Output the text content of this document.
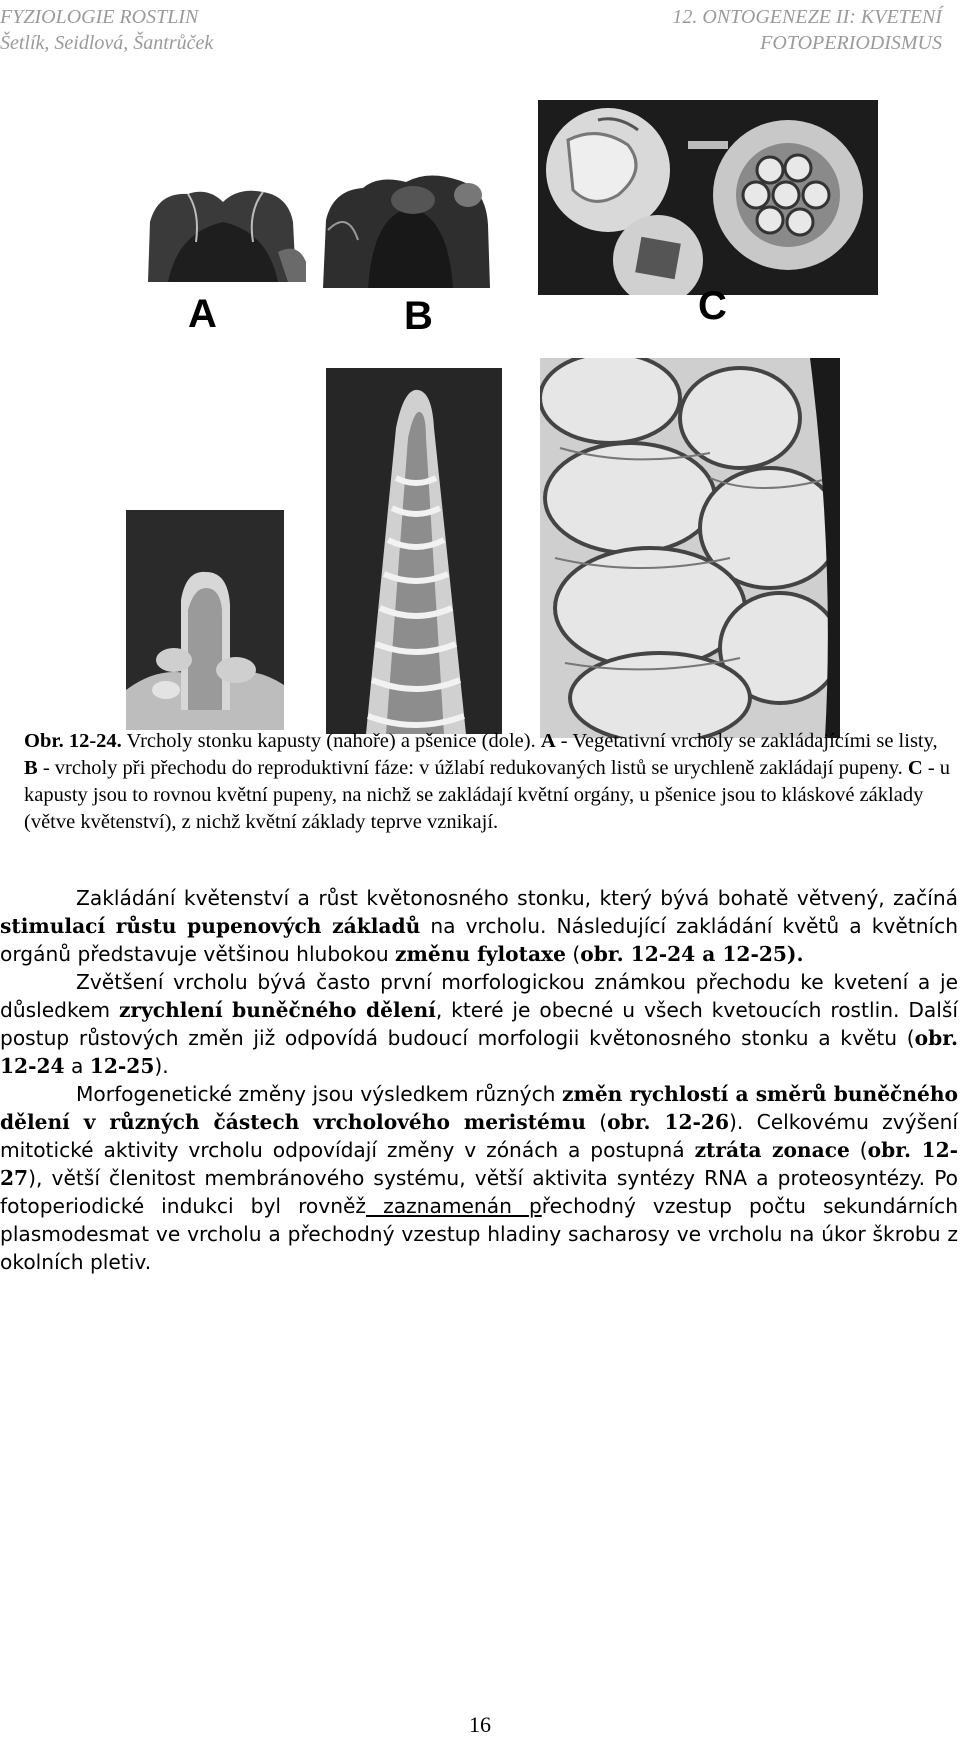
FYZIOLOGIE ROSTLIN
Šetlík, Seidlová, Šantrůček
12. ONTOGENEZE II: KVETENÍ
FOTOPERIODISMUS
A	B	C
Obr. 12-24. Vrcholy stonku kapusty (nahoře) a pšenice (dole). A - Vegetativní vrcholy se zakládajícími se listy, B - vrcholy při přechodu do reproduktivní fáze: v úžlabí redukovaných listů se urychleně zakládají pupeny. C - u kapusty jsou to rovnou květní pupeny, na nichž se zakládají květní orgány, u pšenice jsou to kláskové základy (větve květenství), z nichž květní základy teprve vznikají.

Zakládání květenství a růst květonosného stonku, který bývá bohatě větvený, začíná stimulací růstu pupenových základů na vrcholu. Následující zakládání květů a květních orgánů představuje většinou hlubokou změnu fylotaxe (obr. 12-24 a 12-25).

Zvětšení vrcholu bývá často první morfologickou známkou přechodu ke kvetení a je důsledkem zrychlení buněčného dělení, které je obecné u všech kvetoucích rostlin. Další postup růstových změn již odpovídá budoucí morfologii květonosného stonku a květu (obr. 12-24 a 12-25).

Morfogenetické změny jsou výsledkem různých změn rychlostí a směrů buněčného dělení v různých částech vrcholového meristému (obr. 12-26). Celkovému zvýšení mitotické aktivity vrcholu odpovídají změny v zónách a postupná ztráta zonace (obr. 12-27), větší členitost membránového systému, větší aktivita syntézy RNA a proteosyntézy. Po fotoperiodické indukci byl rovněž zaznamenán přechodný vzestup počtu sekundárních plasmodesmat ve vrcholu a přechodný vzestup hladiny sacharosy ve vrcholu na úkor škrobu z okolních pletiv.

16
